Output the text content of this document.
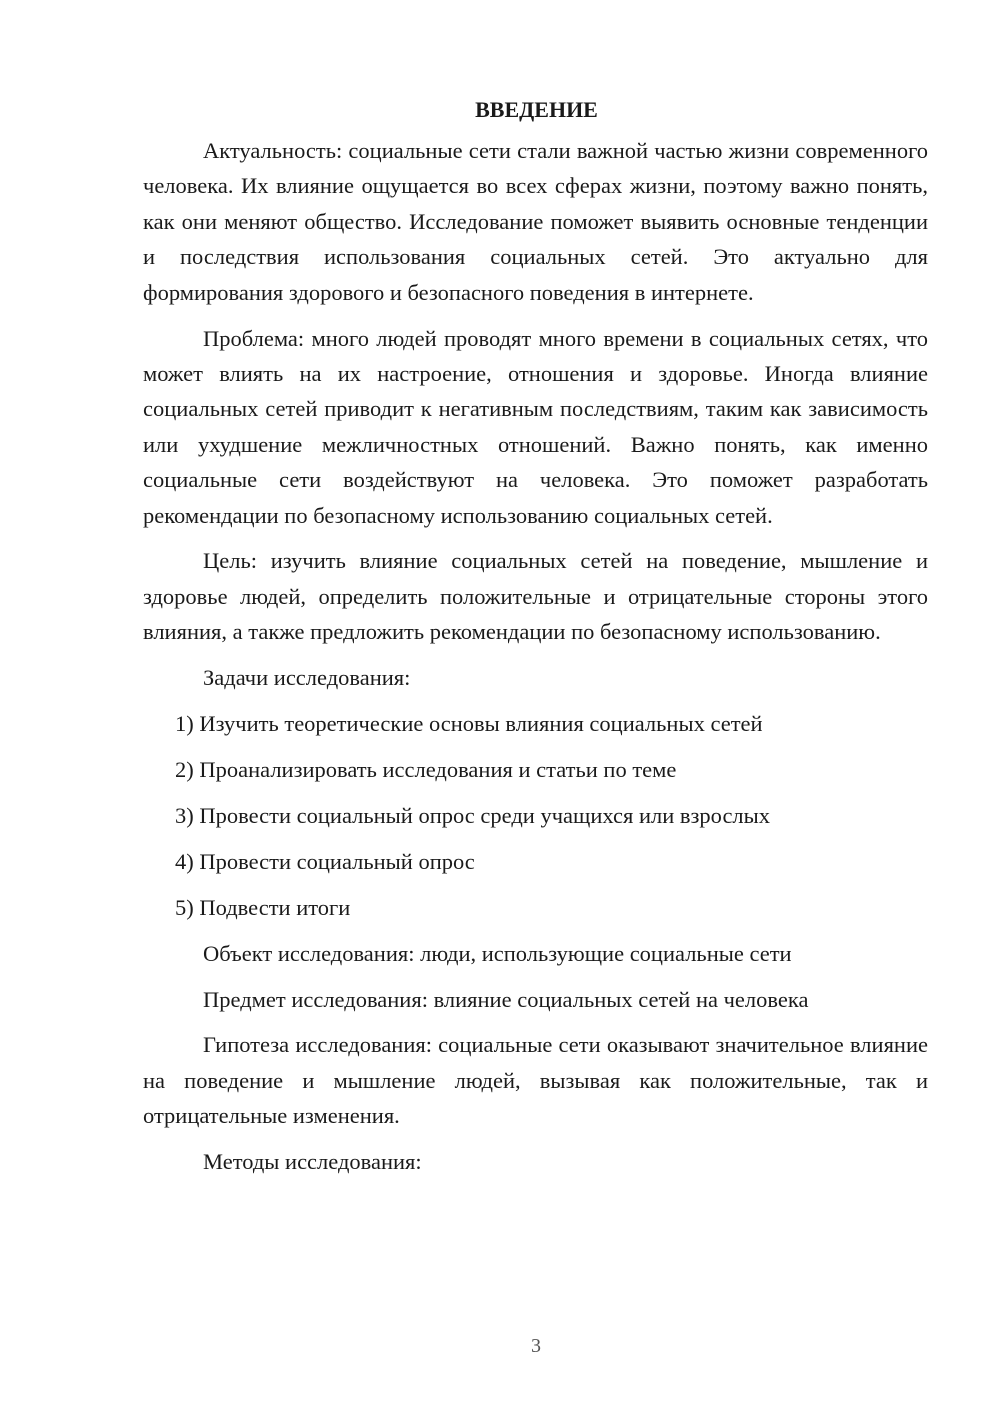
ВВЕДЕНИЕ

Актуальность: социальные сети стали важной частью жизни современного человека. Их влияние ощущается во всех сферах жизни, поэтому важно понять, как они меняют общество. Исследование поможет выявить основные тенденции и последствия использования социальных сетей. Это актуально для формирования здорового и безопасного поведения в интернете.

Проблема: много людей проводят много времени в социальных сетях, что может влиять на их настроение, отношения и здоровье. Иногда влияние социальных сетей приводит к негативным последствиям, таким как зависимость или ухудшение межличностных отношений. Важно понять, как именно социальные сети воздействуют на человека. Это поможет разработать рекомендации по безопасному использованию социальных сетей.

Цель: изучить влияние социальных сетей на поведение, мышление и здоровье людей, определить положительные и отрицательные стороны этого влияния, а также предложить рекомендации по безопасному использованию.

Задачи исследования:
1) Изучить теоретические основы влияния социальных сетей
2) Проанализировать исследования и статьи по теме
3) Провести социальный опрос среди учащихся или взрослых
4) Провести социальный опрос
5) Подвести итоги
Объект исследования: люди, использующие социальные сети
Предмет исследования: влияние социальных сетей на человека

Гипотеза исследования: социальные сети оказывают значительное влияние на поведение и мышление людей, вызывая как положительные, так и отрицательные изменения.

Методы исследования:
3
